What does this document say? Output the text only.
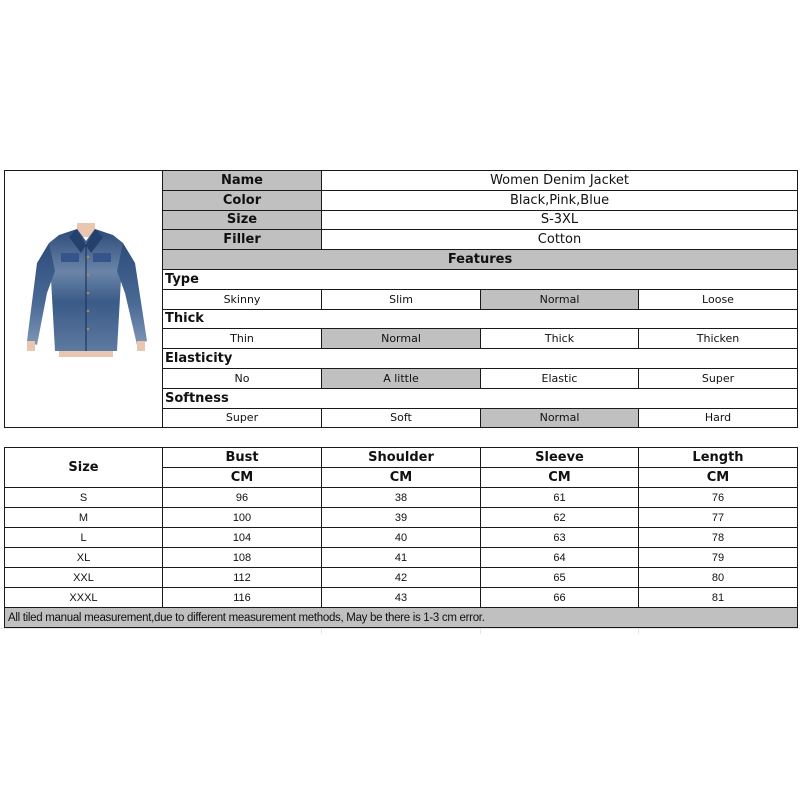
	Name	Women Denim Jacket		
	Color	Black,Pink,Blue		
	Size	S-3XL		
	Filler	Cotton		
	Features			
	Type			
	Skinny	Slim	Normal	Loose
	Thick			
	Thin	Normal	Thick	Thicken
	Elasticity			
	No	A little	Elastic	Super
	Softness			
	Super	Soft	Normal	Hard
Size	Bust	Shoulder	Sleeve	Length
	CM	CM	CM	CM
S	96	38	61	76
M	100	39	62	77
L	104	40	63	78
XL	108	41	64	79
XXL	112	42	65	80
XXXL	116	43	66	81
All tiled manual measurement,due to different measurement methods, May be there is 1-3 cm error.				
